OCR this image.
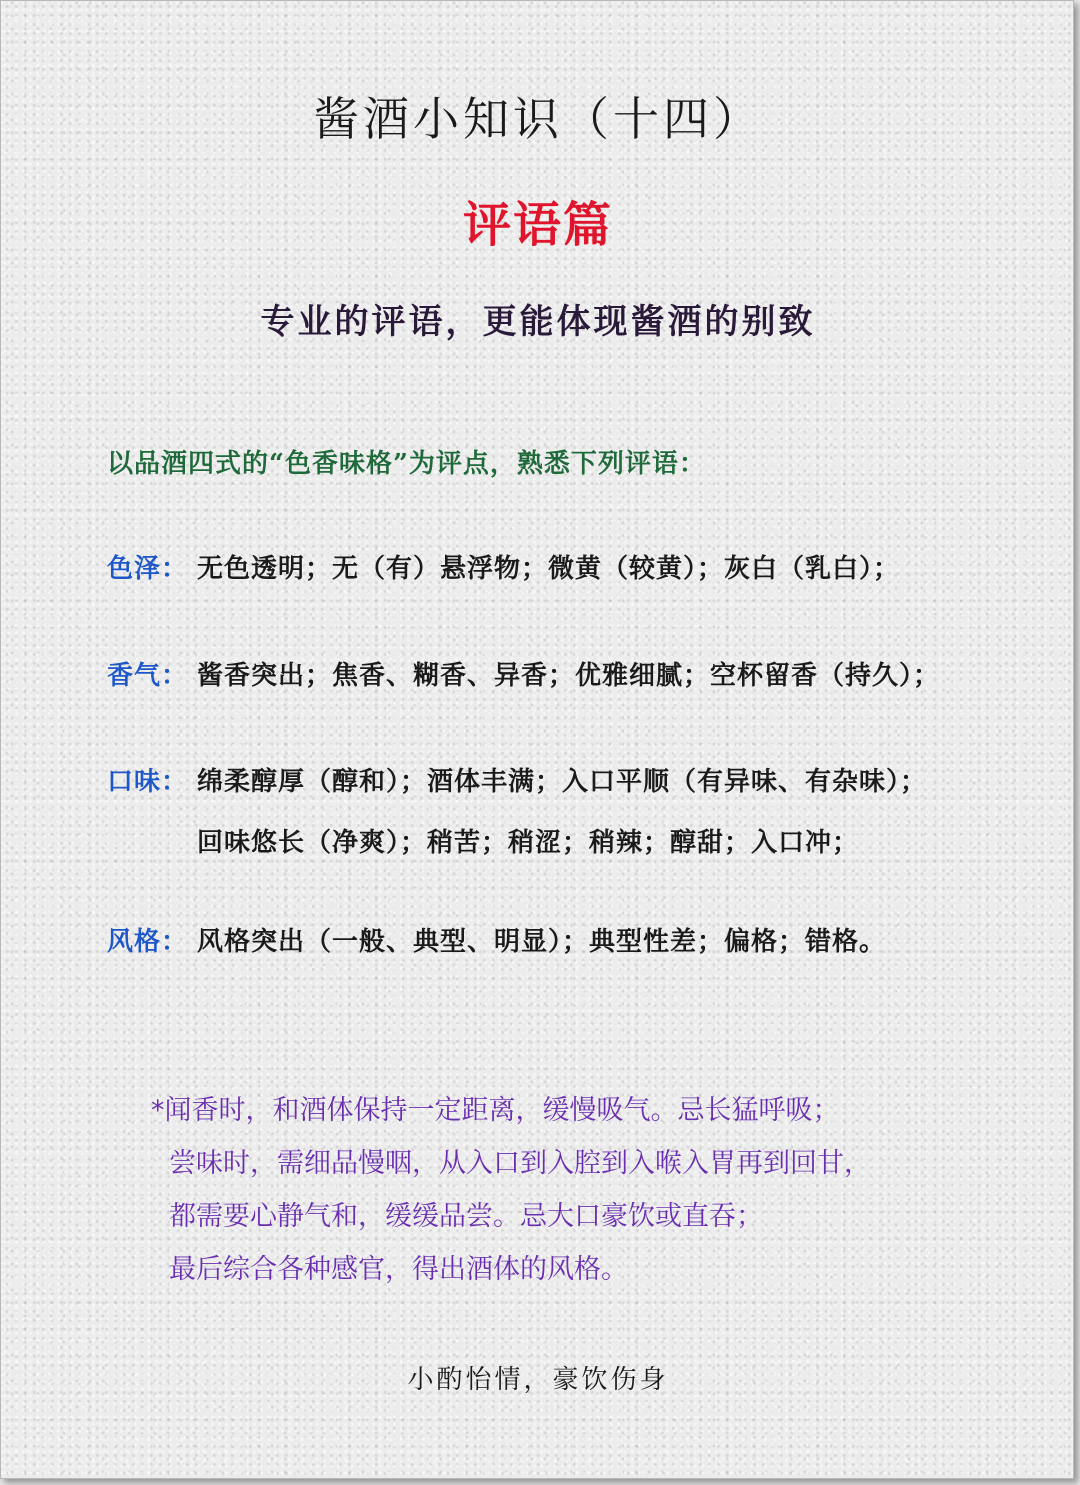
酱酒小知识（十四）
评语篇
专业的评语，更能体现酱酒的别致
以品酒四式的“色香味格”为评点，熟悉下列评语：
色泽： 无色透明；无（有）悬浮物；微黄（较黄）；灰白（乳白）；
香气： 酱香突出；焦香、糊香、异香；优雅细腻；空杯留香（持久）；
口味： 绵柔醇厚（醇和）；酒体丰满；入口平顺（有异味、有杂味）；
回味悠长（净爽）；稍苦；稍涩；稍辣；醇甜；入口冲；
风格： 风格突出（一般、典型、明显）；典型性差；偏格；错格。
*闻香时，和酒体保持一定距离，缓慢吸气。忌长猛呼吸；
尝味时，需细品慢咽，从入口到入腔到入喉入胃再到回甘，
都需要心静气和，缓缓品尝。忌大口豪饮或直吞；
最后综合各种感官，得出酒体的风格。
小酌怡情，豪饮伤身
